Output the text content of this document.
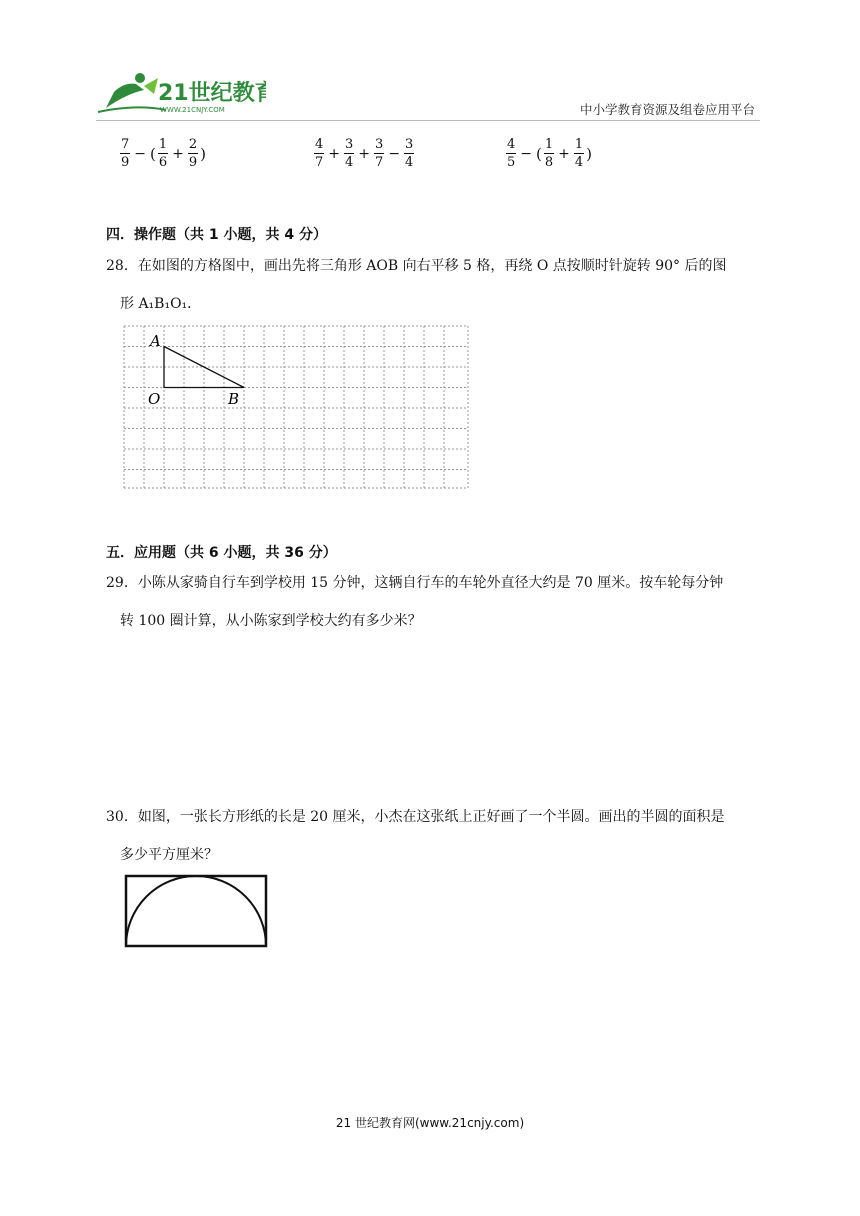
21世纪教育
WWW.21CNJY.COM	中小学教育资源及组卷应用平台
$\frac{7}{9}$ − ( $\frac{1}{6} + \frac{2}{9}$ )	$\frac{4}{7} + \frac{3}{4} + \frac{3}{7} - \frac{3}{4}$	$\frac{4}{5}$ − ( $\frac{1}{8} + \frac{1}{4}$ )
四．操作题（共 1 小题，共 4 分）
28．在如图的方格图中，画出先将三角形 AOB 向右平移 5 格，再绕 O 点按顺时针旋转 90° 后的图
形 A₁B₁O₁．
A
O	B
五．应用题（共 6 小题，共 36 分）
29．小陈从家骑自行车到学校用 15 分钟，这辆自行车的车轮外直径大约是 70 厘米。按车轮每分钟
转 100 圈计算，从小陈家到学校大约有多少米？
30．如图，一张长方形纸的长是 20 厘米，小杰在这张纸上正好画了一个半圆。画出的半圆的面积是
多少平方厘米？
21 世纪教育网(www.21cnjy.com)
